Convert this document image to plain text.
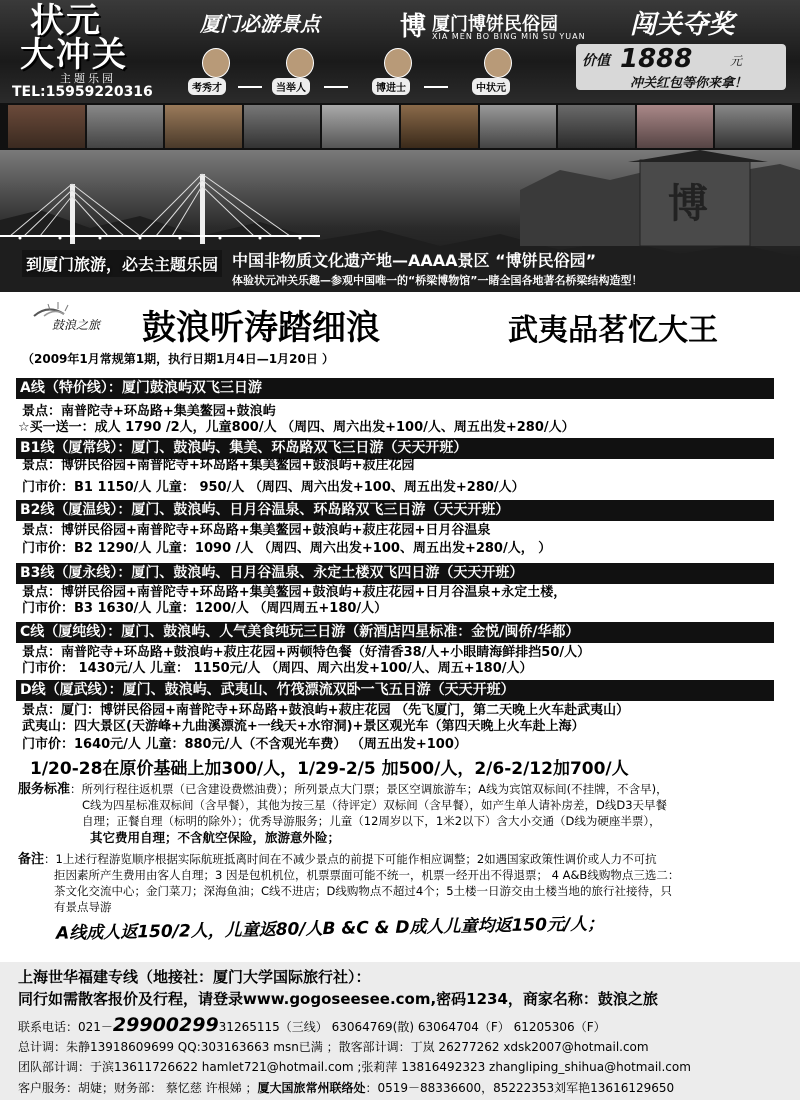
状元
大冲关
主题乐园
TEL:15959220316
厦门必游景点	博 厦门博饼民俗园
XIA MEN BO BING MIN SU YUAN 闯关夺奖
考秀才	当举人	博进士	中状元
价值 1888	元
冲关红包等你来拿！
博
到厦门旅游，必去主题乐园 中国非物质文化遗产地—AAAA景区 “博饼民俗园”
体验状元冲关乐趣—参观中国唯一的“桥梁博物馆”一睹全国各地著名桥梁结构造型！
鼓浪之旅 鼓浪听涛踏细浪	武夷品茗忆大王
（2009年1月常规第1期，执行日期1月4日—1月20日 ）
A线（特价线）：厦门鼓浪屿双飞三日游
景点：南普陀寺+环岛路+集美鳌园+鼓浪屿
☆买一送一：成人 1790 /2人，儿童800/人 （周四、周六出发+100/人、周五出发+280/人）
B1线（厦常线）：厦门、鼓浪屿、集美、环岛路双飞三日游（天天开班）
景点：博饼民俗园+南普陀寺+环岛路+集美鳌园+鼓浪屿+菽庄花园
门市价：B1 1150/人 儿童： 950/人 （周四、周六出发+100、周五出发+280/人）
B2线（厦温线）：厦门、鼓浪屿、日月谷温泉、环岛路双飞三日游（天天开班）
景点：博饼民俗园+南普陀寺+环岛路+集美鳌园+鼓浪屿+菽庄花园+日月谷温泉
门市价：B2 1290/人 儿童：1090 /人 （周四、周六出发+100、周五出发+280/人， ）
B3线（厦永线）：厦门、鼓浪屿、日月谷温泉、永定土楼双飞四日游（天天开班）
景点：博饼民俗园+南普陀寺+环岛路+集美鳌园+鼓浪屿+菽庄花园+日月谷温泉+永定土楼，
门市价：B3 1630/人 儿童：1200/人 （周四周五+180/人）
C线（厦纯线）：厦门、鼓浪屿、人气美食纯玩三日游（新酒店四星标准：金悦/闽侨/华都）
景点：南普陀寺+环岛路+鼓浪屿+菽庄花园+两顿特色餐（好清香38/人+小眼睛海鲜排挡50/人）
门市价： 1430元/人 儿童： 1150元/人 （周四、周六出发+100/人、周五+180/人）
D线（厦武线）：厦门、鼓浪屿、武夷山、竹筏漂流双卧一飞五日游（天天开班）
景点：厦门：博饼民俗园+南普陀寺+环岛路+鼓浪屿+菽庄花园 （先飞厦门，第二天晚上火车赴武夷山）
武夷山：四大景区(天游峰+九曲溪漂流+一线天+水帘洞)+景区观光车（第四天晚上火车赴上海）
门市价：1640元/人 儿童：880元/人（不含观光车费） （周五出发+100）
1/20-28在原价基础上加300/人，1/29-2/5 加500/人，2/6-2/12加700/人
服务标准：所列行程往返机票（已含建设费燃油费）；所列景点大门票；景区空调旅游车；A线为宾馆双标间(不挂牌，不含早)，
C线为四星标准双标间（含早餐），其他为按三星（待评定）双标间（含早餐），如产生单人请补房差，D线D3天早餐
自理；正餐自理（标明的除外）；优秀导游服务；儿童（12周岁以下，1米2以下）含大小交通（D线为硬座半票），
其它费用自理；不含航空保险，旅游意外险；
备注：1上述行程游览顺序根据实际航班抵离时间在不减少景点的前提下可能作相应调整；2如遇国家政策性调价或人力不可抗
拒因素所产生费用由客人自理；3 因是包机机位，机票票面可能不统一，机票一经开出不得退票； 4 A&B线购物点三选二：
茶文化交流中心；金门菜刀；深海鱼油；C线不进店；D线购物点不超过4个；5土楼一日游交由土楼当地的旅行社接待，只
有景点导游
A线成人返150/2人，儿童返80/人B &C & D成人儿童均返150元/人；
上海世华福建专线（地接社：厦门大学国际旅行社）：
同行如需散客报价及行程，请登录www.gogoseesee.com,密码1234，商家名称：鼓浪之旅
联系电话：021－2990029931265115（三线） 63064769(散) 63064704（F） 61205306（F）
总计调：朱静13918609699 QQ:303163663 msn已满 ；散客部计调：丁岚 26277262 xdsk2007@hotmail.com
团队部计调：于滨13611726622 hamlet721@hotmail.com ;张莉萍 13816492323 zhangliping_shihua@hotmail.com
客户服务：胡婕；财务部： 蔡忆慈 许根娣 ；厦大国旅常州联络处：0519－88336600，85222353刘军艳13616129650
